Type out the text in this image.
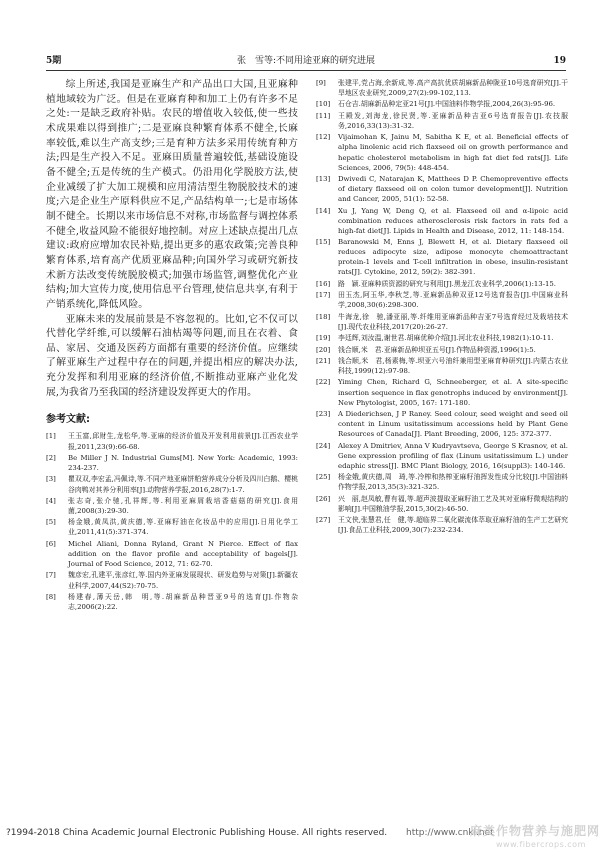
5期	张　雪等:不同用途亚麻的研究进展	19

综上所述,我国是亚麻生产和产品出口大国,且亚麻种植地域较为广泛。但是在亚麻育种和加工上仍有许多不足之处:一是缺乏政府补贴。农民的增值收入较低,使一些技术成果难以得到推广;二是亚麻良种繁育体系不健全,长麻率较低,难以生产高支纱;三是育种方法多采用传统育种方法;四是生产投入不足。亚麻田质量普遍较低,基础设施设备不健全;五是传统的生产模式。仍沿用化学脱胶方法,使企业减缓了扩大加工规模和应用清洁型生物脱胶技术的速度;六是企业生产原料供应不足,产品结构单一;七是市场体制不健全。长期以来市场信息不对称,市场监督与调控体系不健全,收益风险不能很好地控制。对应上述缺点提出几点建议:政府应增加农民补贴,提出更多的惠农政策;完善良种繁育体系,培育高产优质亚麻品种;向国外学习或研究新技术新方法改变传统脱胶模式;加强市场监管,调整优化产业结构;加大宣传力度,使用信息平台管理,使信息共享,有利于产销系统化,降低风险。

亚麻未来的发展前景是不容忽视的。比如,它不仅可以代替化学纤维,可以缓解石油枯竭等问题,而且在衣着、食品、家居、交通及医药方面都有重要的经济价值。应继续了解亚麻生产过程中存在的问题,并提出相应的解决办法,充分发挥和利用亚麻的经济价值,不断推动亚麻产业化发展,为我省乃至我国的经济建设发挥更大的作用。

参考文献:
[1]	王玉富,邱财生,龙松华,等.亚麻的经济价值及开发利用前景[J].江西农业学报,2011,23(9):66-68.
[2]	Be Miller J N. Industrial Gums[M]. New York: Academic, 1993: 234-237.
[3]	瞿双双,李宏孟,冯佩诗,等.不同产地亚麻饼粕营养成分分析及四川白鹅、樱桃谷肉鸭对其养分利用率[J].动物营养学报,2016,28(7):1-7.
[4]	张志奇,张介驰,孔祥辉,等.利用亚麻屑栽培香菇菇的研究[J].食用菌,2008(3):29-30.
[5]	杨金娥,黄凤洪,黄庆德,等.亚麻籽油在化妆品中的应用[J].日用化学工业,2011,41(5):371-374.
[6]	Michel Aliani, Donna Ryland, Grant N Pierce. Effect of flax addition on the flavor profile and acceptability of bagels[J]. Journal of Food Science, 2012, 71: 62-70.
[7]	魏彦宏,孔建平,张彦红,等.国内外亚麻发展现状、研发趋势与对策[J].新疆农业科学,2007,44(S2):70-75.
[8]	杨建春,薄天岳,韩　明,等.胡麻新品种晋亚9号的选育[J].作物杂志,2006(2):22.
[9]	张建平,党占海,余新成,等.高产高抗优质胡麻新品种陇亚10号选育研究[J].干旱地区农业研究,2009,27(2):99-102,113.
[10]	石仓吉.胡麻新品种定亚21号[J].中国油料作物学报,2004,26(3):95-96.
[11]	王殿发,刘海龙,徐民贤,等.亚麻新品种吉亚6号选育报告[J].农技服务,2016,33(13):31-32.
[12]	Vijaimohan K, Jainu M, Sabitha K E, et al. Beneficial effects of alpha linolenic acid rich flaxseed oil on growth performance and hepatic cholesterol metabolism in high fat diet fed rats[J]. Life Sciences, 2006, 79(5): 448-454.
[13]	Dwivedi C, Natarajan K, Matthees D P. Chemopreventive effects of dietary flaxseed oil on colon tumor development[J]. Nutrition and Cancer, 2005, 51(1): 52-58.
[14]	Xu J, Yang W, Deng Q, et al. Flaxseed oil and α-lipoic acid combination reduces atherosclerosis risk factors in rats fed a high-fat diet[J]. Lipids in Health and Disease, 2012, 11: 148-154.
[15]	Baranowski M, Enns J, Blewett H, et al. Dietary flaxseed oil reduces adipocyte size, adipose monocyte chemoattractant protein-1 levels and T-cell infiltration in obese, insulin-resistant rats[J]. Cytokine, 2012, 59(2): 382-391.
[16]	路　颖.亚麻种质资源的研究与利用[J].黑龙江农业科学,2006(1):13-15.
[17]	田玉杰,阿玉华,李秋芝,等.亚麻新品种双亚12号选育报告[J].中国麻业科学,2008,30(6):298-300.
[18]	牛海龙,徐　驰,潘亚丽,等.纤维用亚麻新品种吉亚7号选育经过及栽培技术[J].现代农业科技,2017(20):26-27.
[19]	李廷辉,刘汝温,谢世君.胡麻优种介绍[J].河北农业科技,1982(1):10-11.
[20]	钱合顺,米　君.亚麻新品种坝亚五号[J].作物品种资源,1996(1):5.
[21]	钱合顺,米　君,杨素梅,等.坝亚六号油纤兼用型亚麻育种研究[J].内蒙古农业科技,1999(12):97-98.
[22]	Yiming Chen, Richard G, Schneeberger, et al. A site-specific insertion sequence in flax genotrophs induced by environment[J]. New Phytologist, 2005, 167: 171-180.
[23]	A Diederichsen, J P Raney. Seed colour, seed weight and seed oil content in Linum usitatissimum accessions held by Plant Gene Resources of Canada[J]. Plant Breeding, 2006, 125: 372-377.
[24]	Alexey A Dmitriev, Anna V Kudryavtseva, George S Krasnov, et al. Gene expression profiling of flax (Linum usitatissimum L.) under edaphic stress[J]. BMC Plant Biology, 2016, 16(suppl3): 140-146.
[25]	杨金娥,黄庆德,周　琦,等.冷榨和热榨亚麻籽油挥发性成分比较[J].中国油料作物学报,2013,35(3):321-325.
[26]	兴　丽,赵凤敏,曹有福,等.超声波提取亚麻籽油工艺及其对亚麻籽微观结构的影响[J].中国粮油学报,2015,30(2):46-50.
[27]	王文侠,张慧君,任　健,等.超临界二氧化碳流体萃取亚麻籽油的生产工艺研究[J].食品工业科技,2009,30(7):232-234.
?1994-2018 China Academic Journal Electronic Publishing House. All rights reserved. http://www.cnki.net
麻类作物营养与施肥网
www.fibercrops.com
